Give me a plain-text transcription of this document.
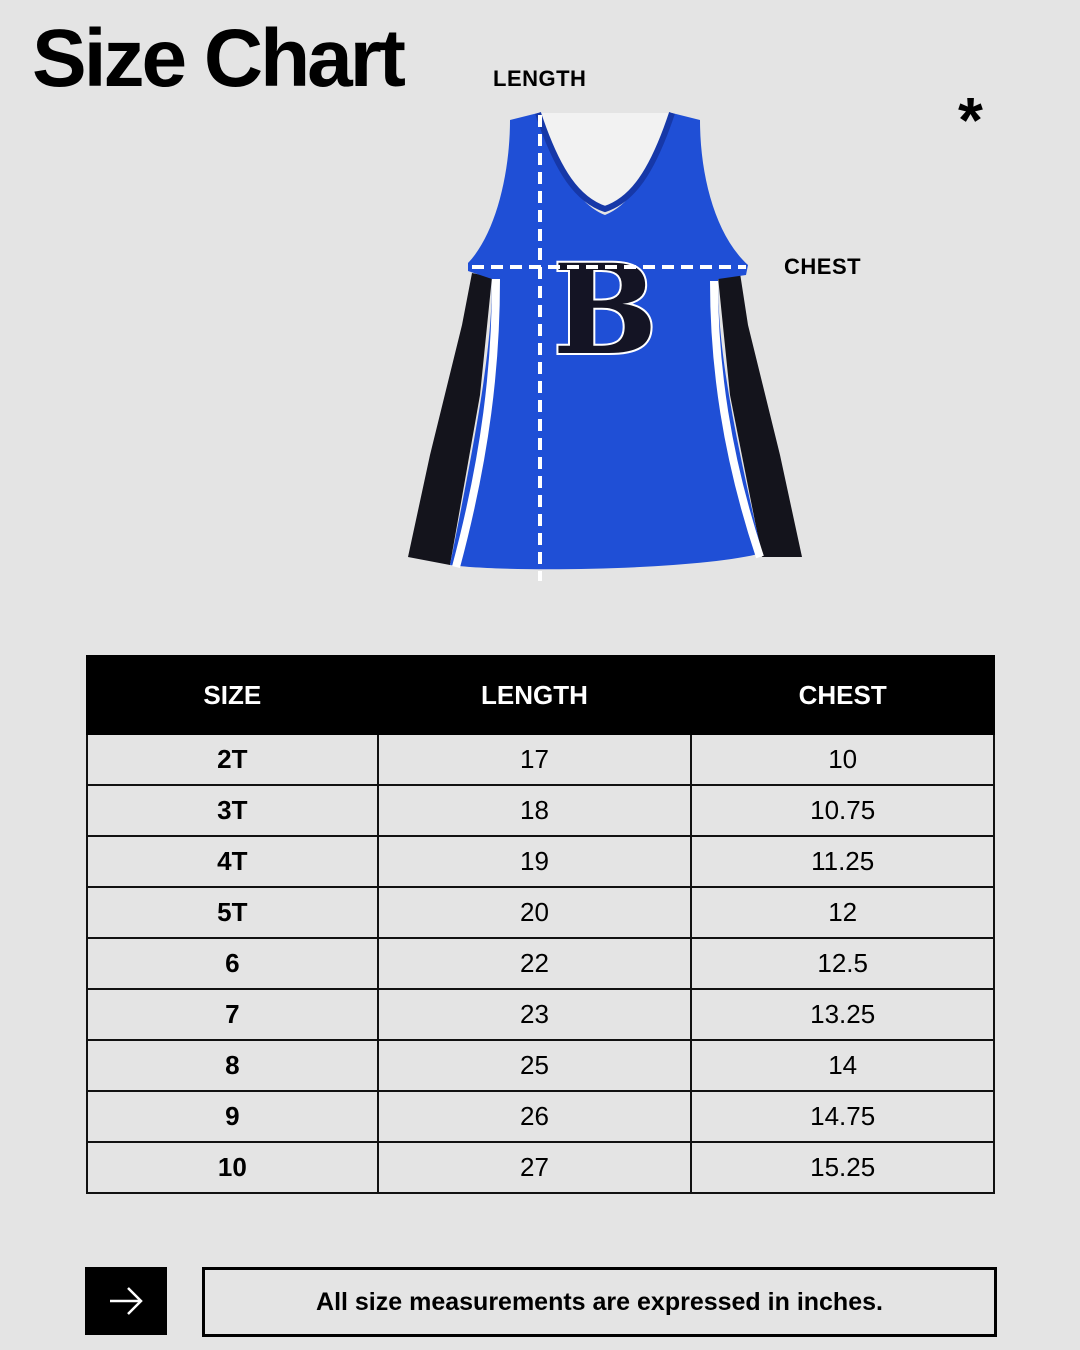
Size Chart
*
LENGTH
CHEST
B
SIZE	LENGTH	CHEST
2T	17	10
3T	18	10.75
4T	19	11.25
5T	20	12
6	22	12.5
7	23	13.25
8	25	14
9	26	14.75
10	27	15.25
All size measurements are expressed in inches.
